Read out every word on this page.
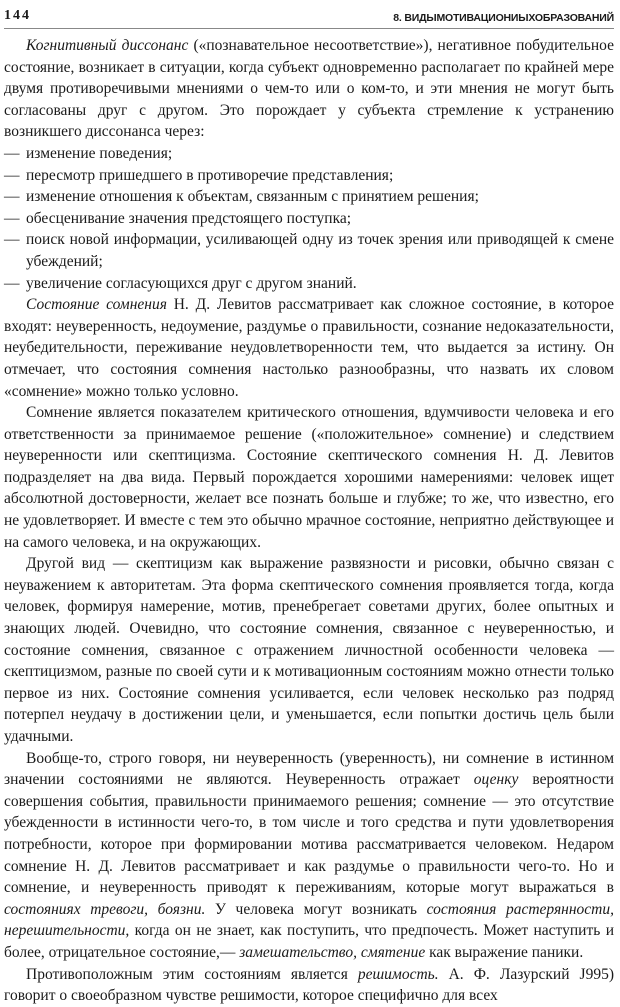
144	8. ВИДЫМОТИВАЦИОНИЫХОБРАЗОВАНИЙ

Когнитивный диссонанс («познавательное несоответствие»), негативное побудительное состояние, возникает в ситуации, когда субъект одновременно располагает по крайней мере двумя противоречивыми мнениями о чем-то или о ком-то, и эти мнения не могут быть согласованы друг с другом. Это порождает у субъекта стремление к устранению возникшего диссонанса через:

— изменение поведения;
— пересмотр пришедшего в противоречие представления;
— изменение отношения к объектам, связанным с принятием решения;
— обесценивание значения предстоящего поступка;
— поиск новой информации, усиливающей одну из точек зрения или приводящей к смене убеждений;
— увеличение согласующихся друг с другом знаний.

Состояние сомнения Н. Д. Левитов рассматривает как сложное состояние, в которое входят: неуверенность, недоумение, раздумье о правильности, сознание недоказательности, неубедительности, переживание неудовлетворенности тем, что выдается за истину. Он отмечает, что состояния сомнения настолько разнообразны, что назвать их словом «сомнение» можно только условно.

Сомнение является показателем критического отношения, вдумчивости человека и его ответственности за принимаемое решение («положительное» сомнение) и следствием неуверенности или скептицизма. Состояние скептического сомнения Н. Д. Левитов подразделяет на два вида. Первый порождается хорошими намерениями: человек ищет абсолютной достоверности, желает все познать больше и глубже; то же, что известно, его не удовлетворяет. И вместе с тем это обычно мрачное состояние, неприятно действующее и на самого человека, и на окружающих.

Другой вид — скептицизм как выражение развязности и рисовки, обычно связан с неуважением к авторитетам. Эта форма скептического сомнения проявляется тогда, когда человек, формируя намерение, мотив, пренебрегает советами других, более опытных и знающих людей. Очевидно, что состояние сомнения, связанное с неуверенностью, и состояние сомнения, связанное с отражением личностной особенности человека — скептицизмом, разные по своей сути и к мотивационным состояниям можно отнести только первое из них. Состояние сомнения усиливается, если человек несколько раз подряд потерпел неудачу в достижении цели, и уменьшается, если попытки достичь цель были удачными.

Вообще-то, строго говоря, ни неуверенность (уверенность), ни сомнение в истинном значении состояниями не являются. Неуверенность отражает оценку вероятности совершения события, правильности принимаемого решения; сомнение — это отсутствие убежденности в истинности чего-то, в том числе и того средства и пути удовлетворения потребности, которое при формировании мотива рассматривается человеком. Недаром сомнение Н. Д. Левитов рассматривает и как раздумье о правильности чего-то. Но и сомнение, и неуверенность приводят к переживаниям, которые могут выражаться в состояниях тревоги, боязни. У человека могут возникать состояния растерянности, нерешительности, когда он не знает, как поступить, что предпочесть. Может наступить и более, отрицательное состояние,— замешательство, смятение как выражение паники.

Противоположным этим состояниям является решимость. А. Ф. Лазурский J995) говорит о своеобразном чувстве решимости, которое специфично для всех
